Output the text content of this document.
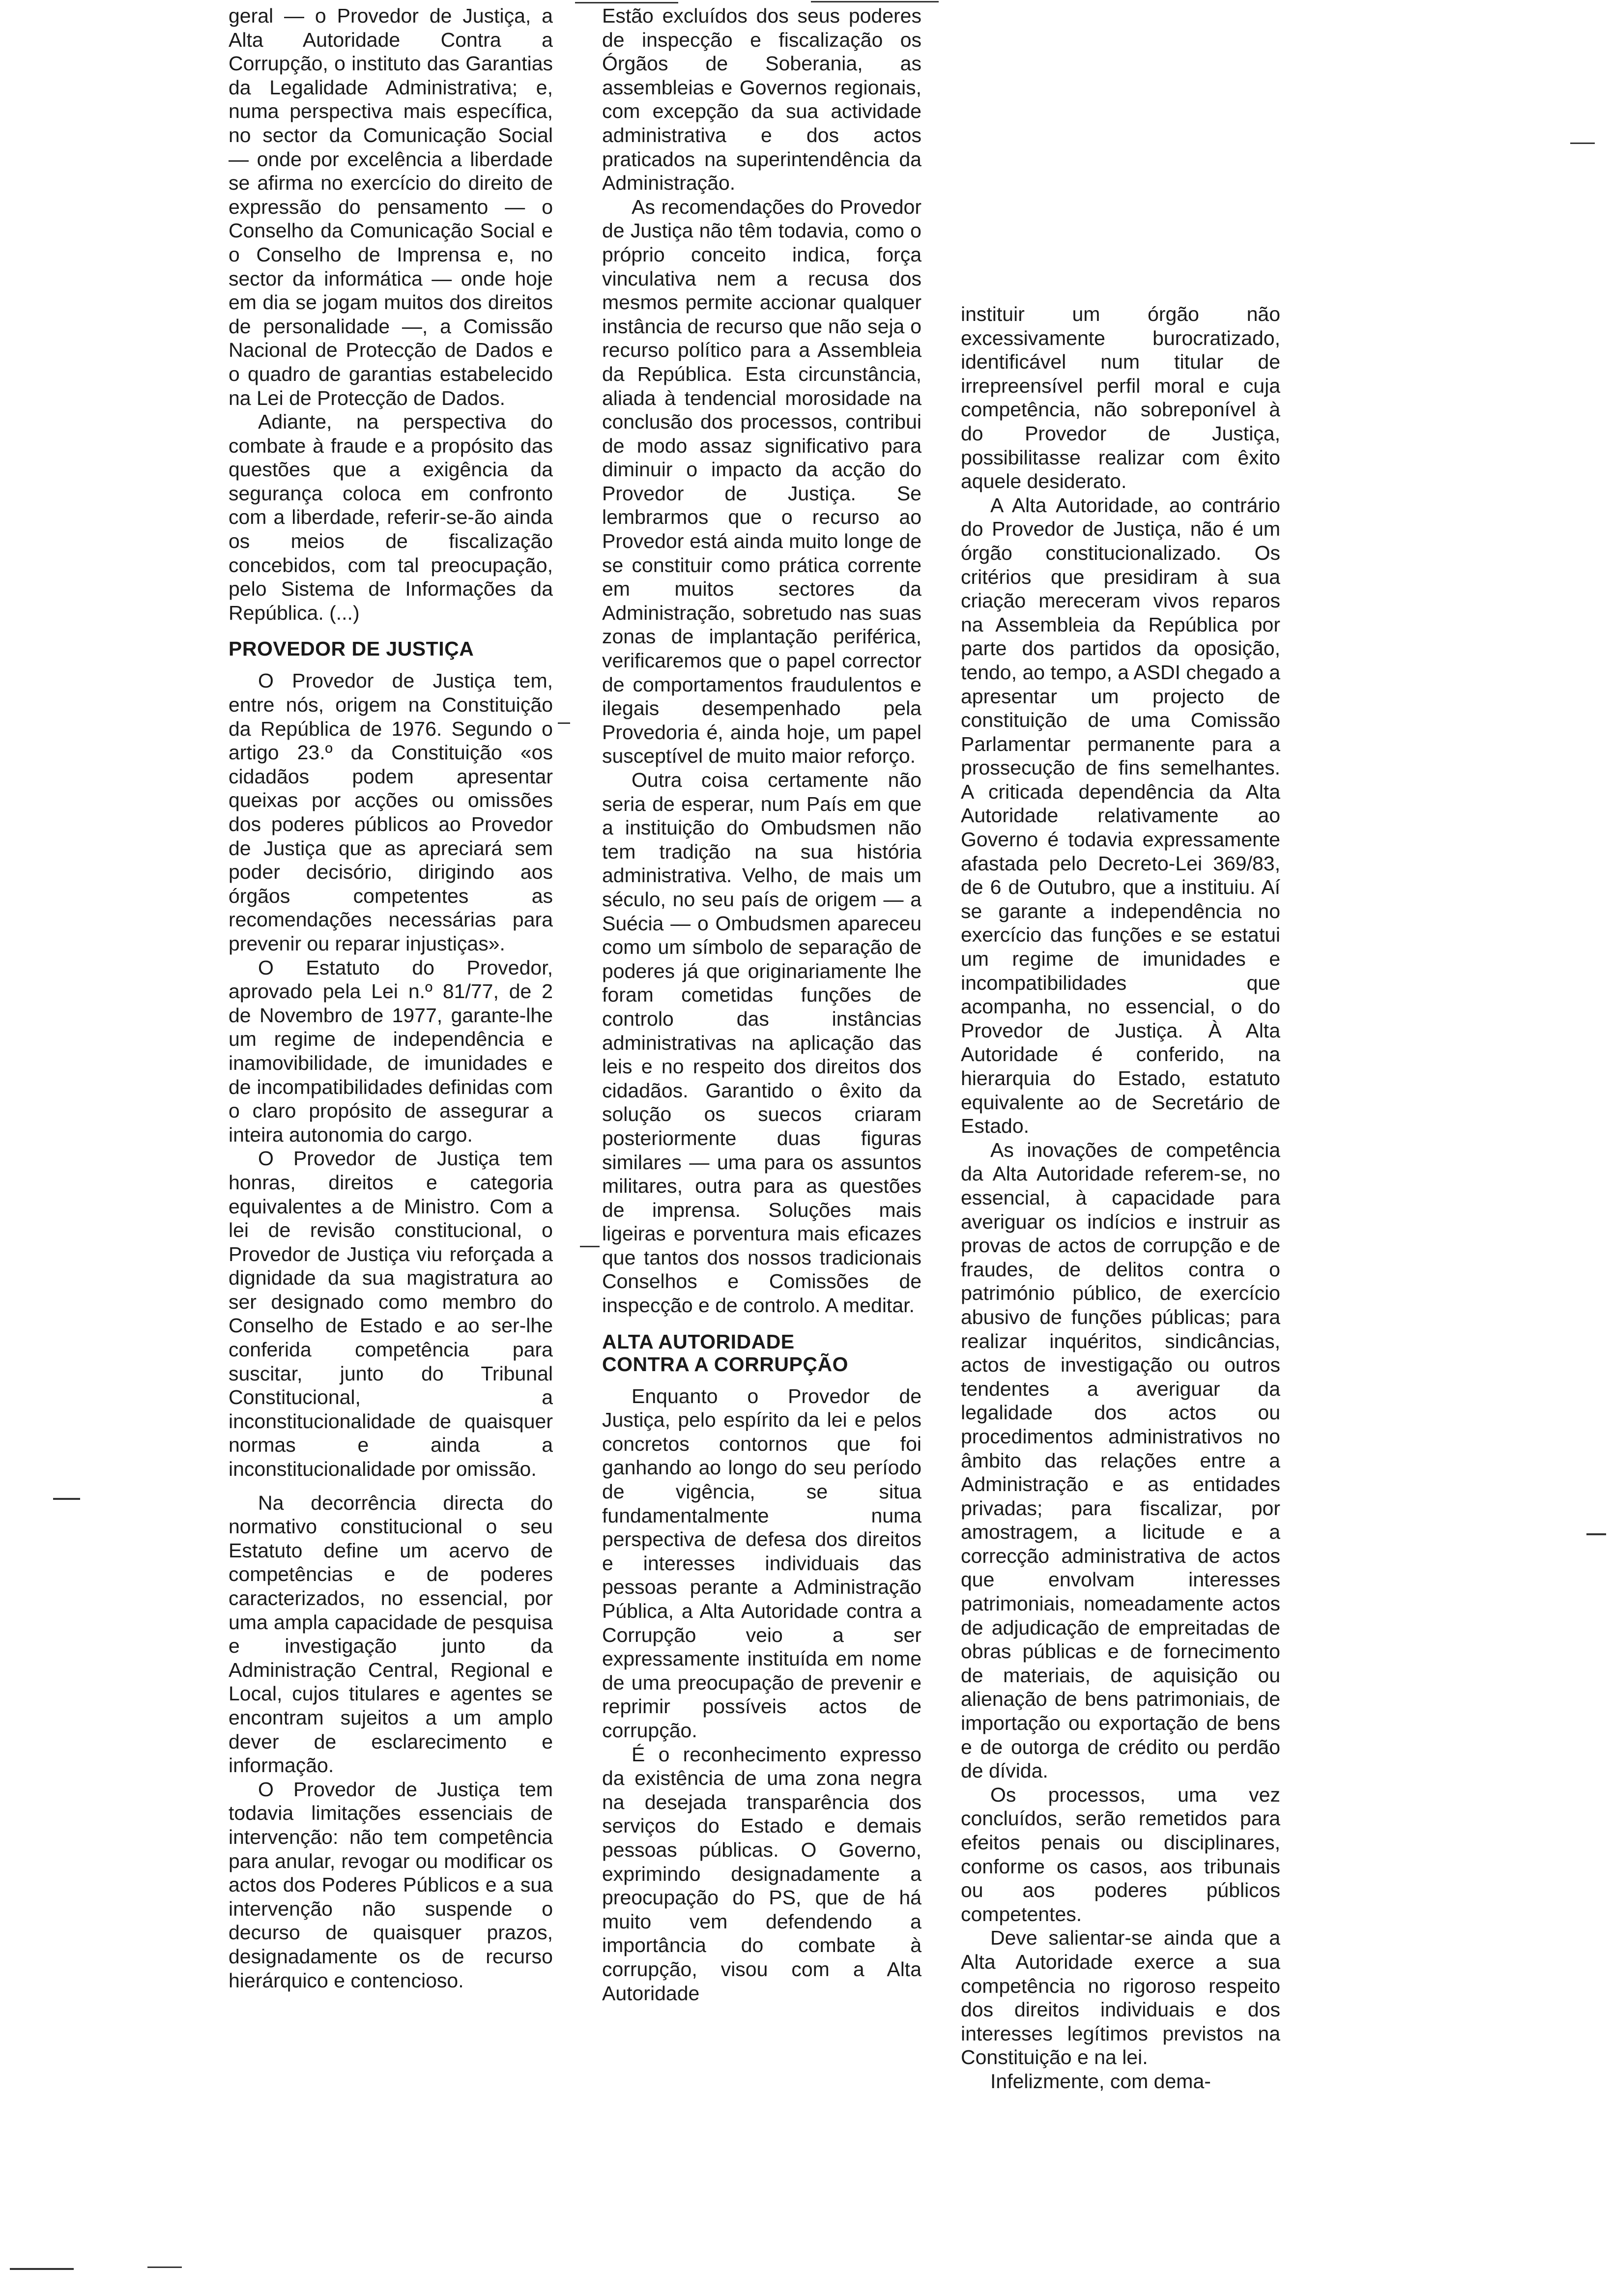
geral — o Provedor de Justiça, a Alta Autoridade Contra a Corrupção, o instituto das Garantias da Legalidade Administrativa; e, numa perspectiva mais específica, no sector da Comunicação Social — onde por excelência a liberdade se afirma no exercício do direito de expressão do pensamento — o Conselho da Comunicação Social e o Conselho de Imprensa e, no sector da informática — onde hoje em dia se jogam muitos dos direitos de personalidade —, a Comissão Nacional de Protecção de Dados e o quadro de garantias estabelecido na Lei de Protecção de Dados.

Adiante, na perspectiva do combate à fraude e a propósito das questões que a exigência da segurança coloca em confronto com a liberdade, referir-se-ão ainda os meios de fiscalização concebidos, com tal preocupação, pelo Sistema de Informações da República. (...)

PROVEDOR DE JUSTIÇA

O Provedor de Justiça tem, entre nós, origem na Constituição da República de 1976. Segundo o artigo 23.º da Constituição «os cidadãos podem apresentar queixas por acções ou omissões dos poderes públicos ao Provedor de Justiça que as apreciará sem poder decisório, dirigindo aos órgãos competentes as recomendações necessárias para prevenir ou reparar injustiças».

O Estatuto do Provedor, aprovado pela Lei n.º 81/77, de 2 de Novembro de 1977, garante-lhe um regime de independência e inamovibilidade, de imunidades e de incompatibilidades definidas com o claro propósito de assegurar a inteira autonomia do cargo.

O Provedor de Justiça tem honras, direitos e categoria equivalentes a de Ministro. Com a lei de revisão constitucional, o Provedor de Justiça viu reforçada a dignidade da sua magistratura ao ser designado como membro do Conselho de Estado e ao ser-lhe conferida competência para suscitar, junto do Tribunal Constitucional, a inconstitucionalidade de quaisquer normas e ainda a inconstitucionalidade por omissão.

Na decorrência directa do normativo constitucional o seu Estatuto define um acervo de competências e de poderes caracterizados, no essencial, por uma ampla capacidade de pesquisa e investigação junto da Administração Central, Regional e Local, cujos titulares e agentes se encontram sujeitos a um amplo dever de esclarecimento e informação.

O Provedor de Justiça tem todavia limitações essenciais de intervenção: não tem competência para anular, revogar ou modificar os actos dos Poderes Públicos e a sua intervenção não suspende o decurso de quaisquer prazos, designadamente os de recurso hierárquico e contencioso.

Estão excluídos dos seus poderes de inspecção e fiscalização os Órgãos de Soberania, as assembleias e Governos regionais, com excepção da sua actividade administrativa e dos actos praticados na superintendência da Administração.

As recomendações do Provedor de Justiça não têm todavia, como o próprio conceito indica, força vinculativa nem a recusa dos mesmos permite accionar qualquer instância de recurso que não seja o recurso político para a Assembleia da República. Esta circunstância, aliada à tendencial morosidade na conclusão dos processos, contribui de modo assaz significativo para diminuir o impacto da acção do Provedor de Justiça. Se lembrarmos que o recurso ao Provedor está ainda muito longe de se constituir como prática corrente em muitos sectores da Administração, sobretudo nas suas zonas de implantação periférica, verificaremos que o papel corrector de comportamentos fraudulentos e ilegais desempenhado pela Provedoria é, ainda hoje, um papel susceptível de muito maior reforço.

Outra coisa certamente não seria de esperar, num País em que a instituição do Ombudsmen não tem tradição na sua história administrativa. Velho, de mais um século, no seu país de origem — a Suécia — o Ombudsmen apareceu como um símbolo de separação de poderes já que originariamente lhe foram cometidas funções de controlo das instâncias administrativas na aplicação das leis e no respeito dos direitos dos cidadãos. Garantido o êxito da solução os suecos criaram posteriormente duas figuras similares — uma para os assuntos militares, outra para as questões de imprensa. Soluções mais ligeiras e porventura mais eficazes que tantos dos nossos tradicionais Conselhos e Comissões de inspecção e de controlo. A meditar.

ALTA AUTORIDADE
CONTRA A CORRUPÇÃO

Enquanto o Provedor de Justiça, pelo espírito da lei e pelos concretos contornos que foi ganhando ao longo do seu período de vigência, se situa fundamentalmente numa perspectiva de defesa dos direitos e interesses individuais das pessoas perante a Administração Pública, a Alta Autoridade contra a Corrupção veio a ser expressamente instituída em nome de uma preocupação de prevenir e reprimir possíveis actos de corrupção.

É o reconhecimento expresso da existência de uma zona negra na desejada transparência dos serviços do Estado e demais pessoas públicas. O Governo, exprimindo designadamente a preocupação do PS, que de há muito vem defendendo a importância do combate à corrupção, visou com a Alta Autoridade

instituir um órgão não excessivamente burocratizado, identificável num titular de irrepreensível perfil moral e cuja competência, não sobreponível à do Provedor de Justiça, possibilitasse realizar com êxito aquele desiderato.

A Alta Autoridade, ao contrário do Provedor de Justiça, não é um órgão constitucionalizado. Os critérios que presidiram à sua criação mereceram vivos reparos na Assembleia da República por parte dos partidos da oposição, tendo, ao tempo, a ASDI chegado a apresentar um projecto de constituição de uma Comissão Parlamentar permanente para a prossecução de fins semelhantes. A criticada dependência da Alta Autoridade relativamente ao Governo é todavia expressamente afastada pelo Decreto-Lei 369/83, de 6 de Outubro, que a instituiu. Aí se garante a independência no exercício das funções e se estatui um regime de imunidades e incompatibilidades que acompanha, no essencial, o do Provedor de Justiça. À Alta Autoridade é conferido, na hierarquia do Estado, estatuto equivalente ao de Secretário de Estado.

As inovações de competência da Alta Autoridade referem-se, no essencial, à capacidade para averiguar os indícios e instruir as provas de actos de corrupção e de fraudes, de delitos contra o património público, de exercício abusivo de funções públicas; para realizar inquéritos, sindicâncias, actos de investigação ou outros tendentes a averiguar da legalidade dos actos ou procedimentos administrativos no âmbito das relações entre a Administração e as entidades privadas; para fiscalizar, por amostragem, a licitude e a correcção administrativa de actos que envolvam interesses patrimoniais, nomeadamente actos de adjudicação de empreitadas de obras públicas e de fornecimento de materiais, de aquisição ou alienação de bens patrimoniais, de importação ou exportação de bens e de outorga de crédito ou perdão de dívida.

Os processos, uma vez concluídos, serão remetidos para efeitos penais ou disciplinares, conforme os casos, aos tribunais ou aos poderes públicos competentes.

Deve salientar-se ainda que a Alta Autoridade exerce a sua competência no rigoroso respeito dos direitos individuais e dos interesses legítimos previstos na Constituição e na lei.

Infelizmente, com dema-
